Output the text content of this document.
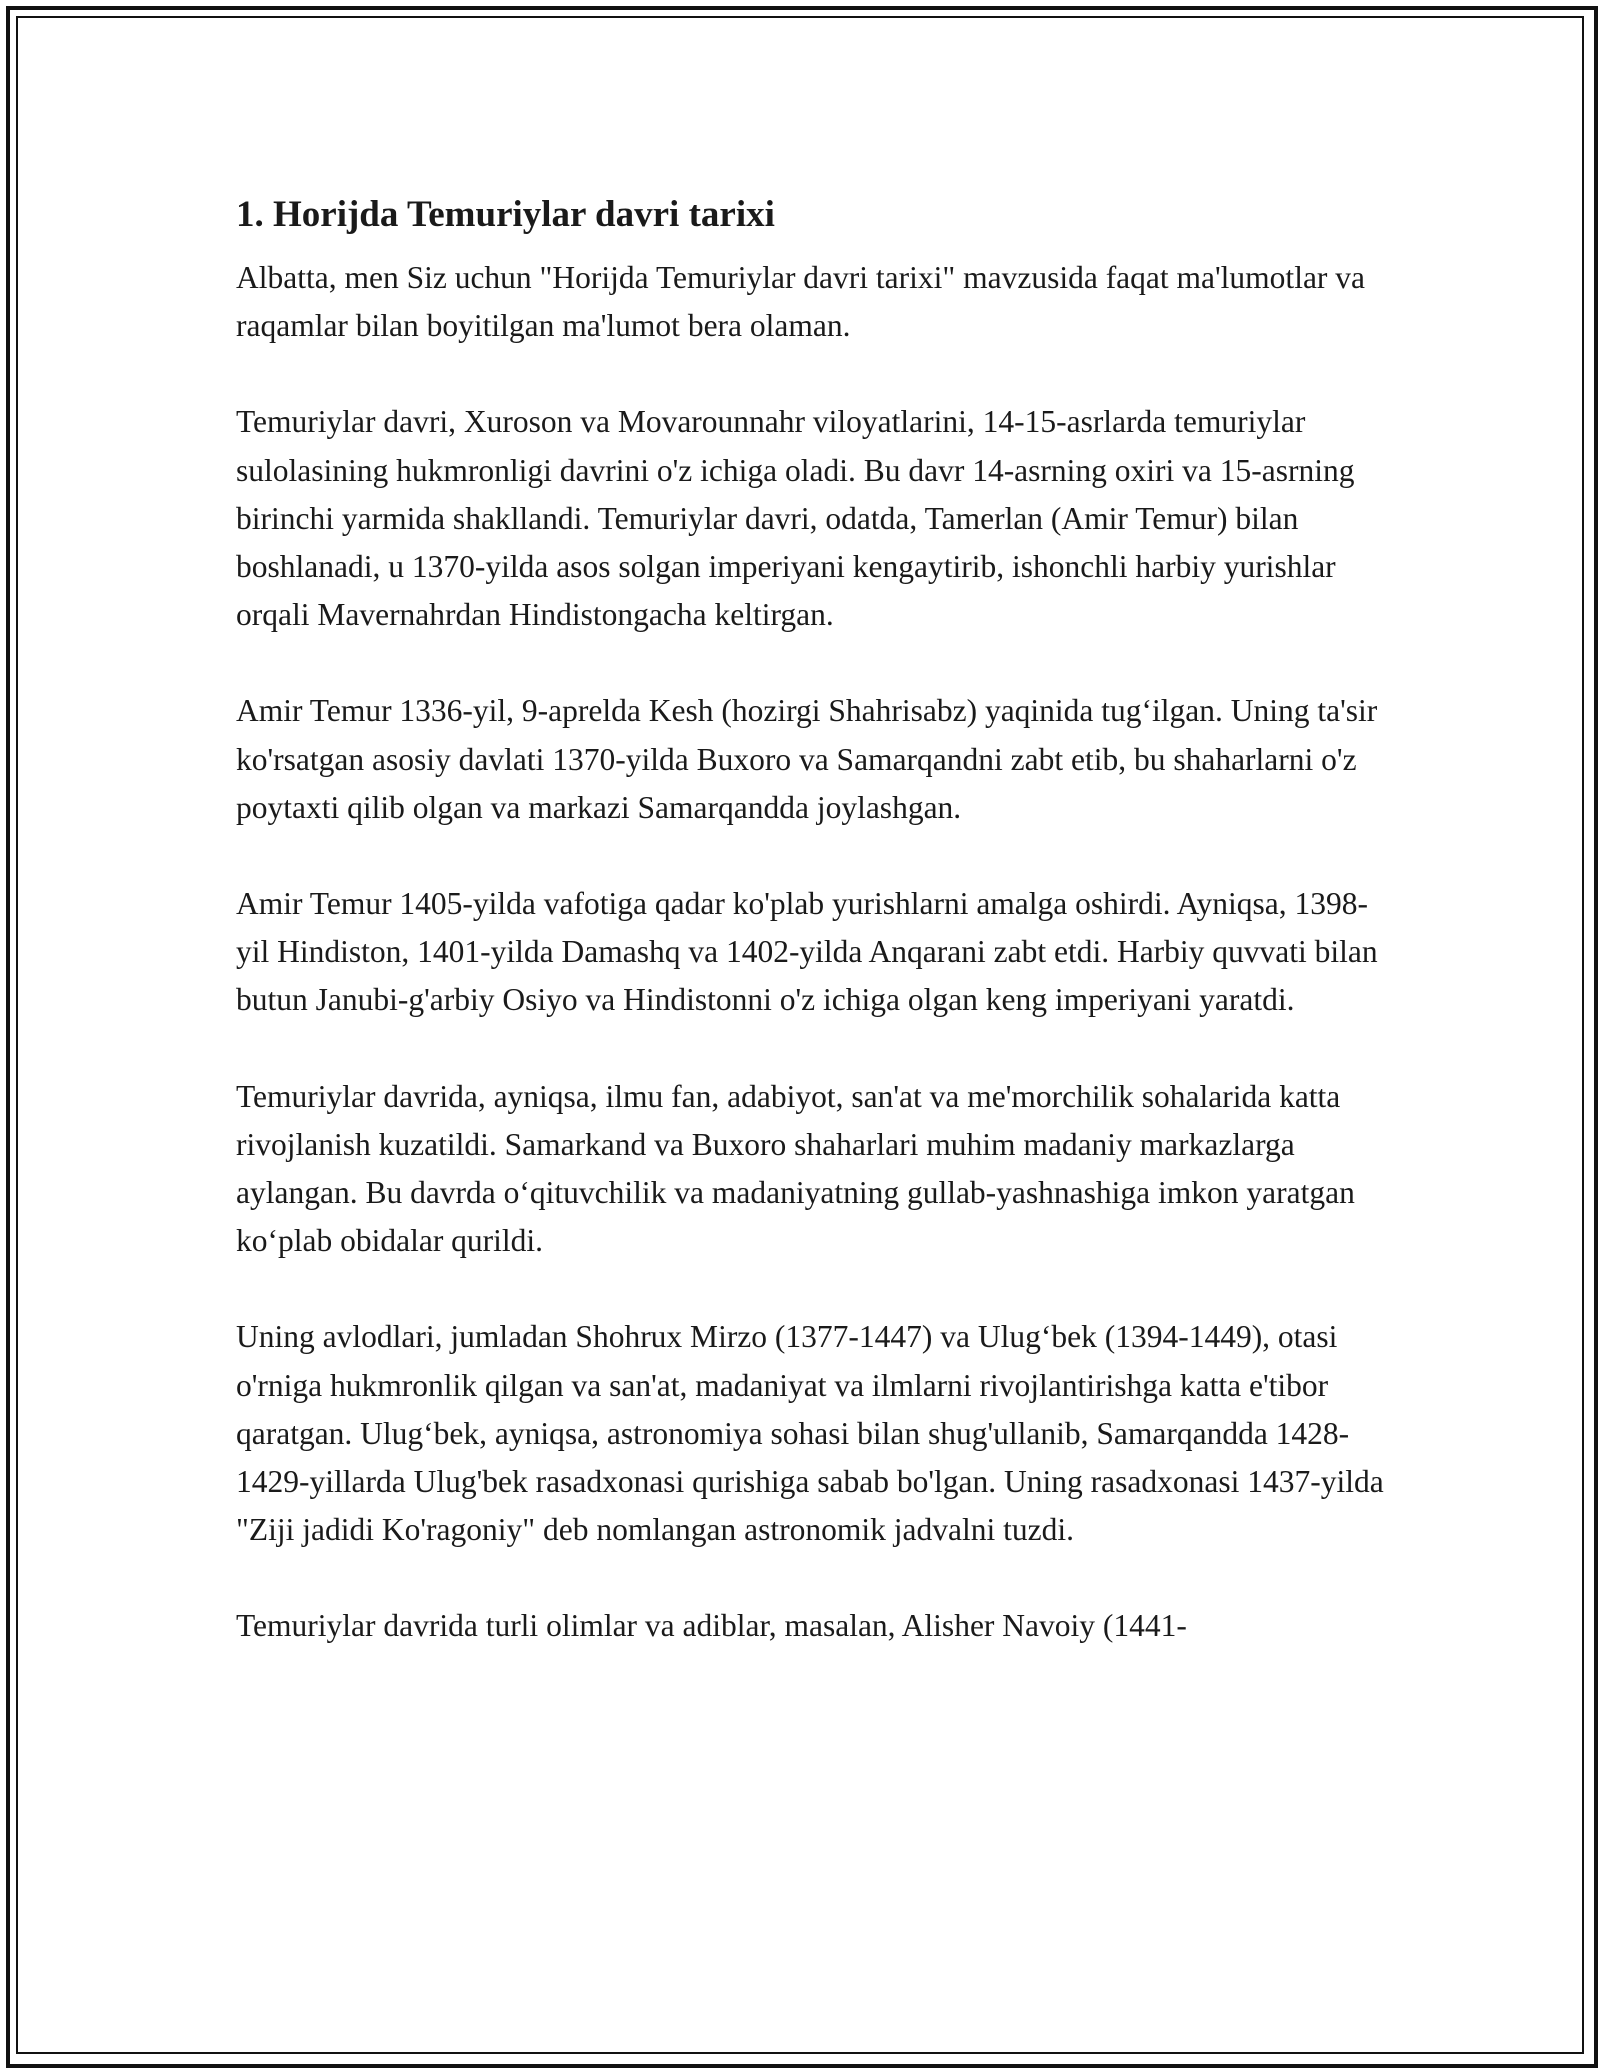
1. Horijda Temuriylar davri tarixi

Albatta, men Siz uchun "Horijda Temuriylar davri tarixi" mavzusida faqat ma'lumotlar va raqamlar bilan boyitilgan ma'lumot bera olaman.

Temuriylar davri, Xuroson va Movarounnahr viloyatlarini, 14-15-asrlarda temuriylar sulolasining hukmronligi davrini o'z ichiga oladi. Bu davr 14-asrning oxiri va 15-asrning birinchi yarmida shakllandi. Temuriylar davri, odatda, Tamerlan (Amir Temur) bilan boshlanadi, u 1370-yilda asos solgan imperiyani kengaytirib, ishonchli harbiy yurishlar orqali Mavernahrdan Hindistongacha keltirgan.

Amir Temur 1336-yil, 9-aprelda Kesh (hozirgi Shahrisabz) yaqinida tug‘ilgan. Uning ta'sir ko'rsatgan asosiy davlati 1370-yilda Buxoro va Samarqandni zabt etib, bu shaharlarni o'z poytaxti qilib olgan va markazi Samarqandda joylashgan.

Amir Temur 1405-yilda vafotiga qadar ko'plab yurishlarni amalga oshirdi. Ayniqsa, 1398-yil Hindiston, 1401-yilda Damashq va 1402-yilda Anqarani zabt etdi. Harbiy quvvati bilan butun Janubi-g'arbiy Osiyo va Hindistonni o'z ichiga olgan keng imperiyani yaratdi.

Temuriylar davrida, ayniqsa, ilmu fan, adabiyot, san'at va me'morchilik sohalarida katta rivojlanish kuzatildi. Samarkand va Buxoro shaharlari muhim madaniy markazlarga aylangan. Bu davrda o‘qituvchilik va madaniyatning gullab-yashnashiga imkon yaratgan ko‘plab obidalar qurildi.

Uning avlodlari, jumladan Shohrux Mirzo (1377-1447) va Ulug‘bek (1394-1449), otasi o'rniga hukmronlik qilgan va san'at, madaniyat va ilmlarni rivojlantirishga katta e'tibor qaratgan. Ulug‘bek, ayniqsa, astronomiya sohasi bilan shug'ullanib, Samarqandda 1428-1429-yillarda Ulug'bek rasadxonasi qurishiga sabab bo'lgan. Uning rasadxonasi 1437-yilda "Ziji jadidi Ko'ragoniy" deb nomlangan astronomik jadvalni tuzdi.

Temuriylar davrida turli olimlar va adiblar, masalan, Alisher Navoiy (1441-
